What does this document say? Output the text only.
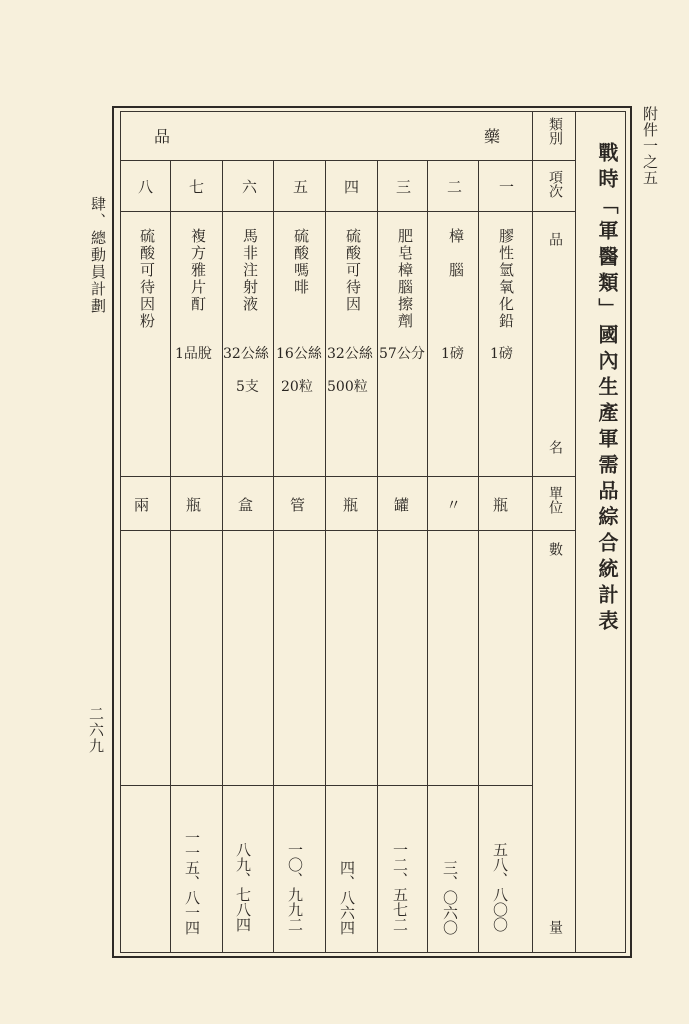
附件一之五
肆、總動員計劃
二六九
戰時「軍醫類」國內生產軍需品綜合統計表
類別
項次
品
名
單位
數
量
藥
品
一
膠性氫氧化鉛
1磅
瓶
五八、八〇〇
二
樟　腦
1磅
〃
三、〇六〇
三
肥皂樟腦擦劑
57公分
罐
一二、五七二
四
硫酸可待因
32公絲
500粒
瓶
四、八六四
五
硫酸嗎啡
16公絲
20粒
管
一〇、九九二
六
馬非注射液
32公絲
5支
盒
八九、七八四
七
複方雅片酊
1品脫
瓶
一一五、八一四
八
硫酸可待因粉
兩
